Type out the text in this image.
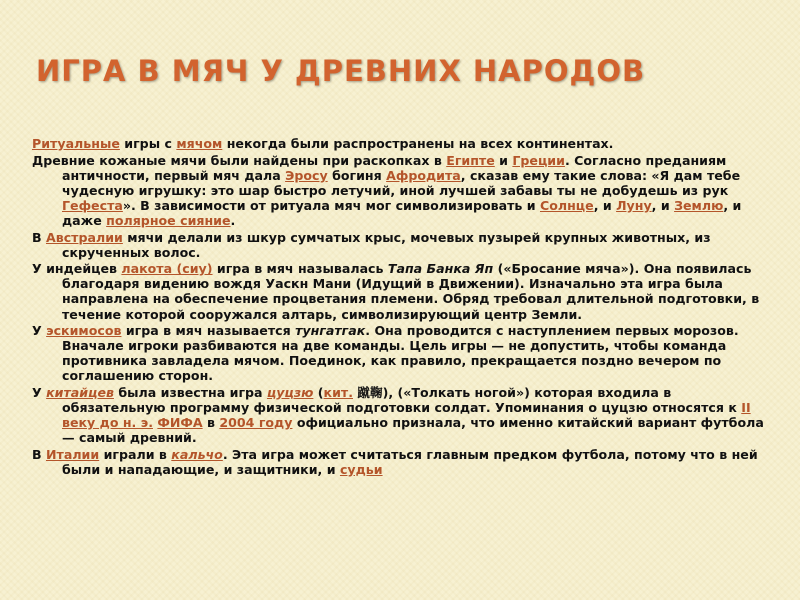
ИГРА В МЯЧ У ДРЕВНИХ НАРОДОВ

Ритуальные игры с мячом некогда были распространены на всех континентах.

Древние кожаные мячи были найдены при раскопках в Египте и Греции. Согласно преданиям античности, первый мяч дала Эросу богиня Афродита, сказав ему такие слова: «Я дам тебе чудесную игрушку: это шар быстро летучий, иной лучшей забавы ты не добудешь из рук Гефеста». В зависимости от ритуала мяч мог символизировать и Солнце, и Луну, и Землю, и даже полярное сияние.

В Австралии мячи делали из шкур сумчатых крыс, мочевых пузырей крупных животных, из скрученных волос.

У индейцев лакота (сиу) игра в мяч называлась Тапа Банка Яп («Бросание мяча»). Она появилась благодаря видению вождя Уаскн Мани (Идущий в Движении). Изначально эта игра была направлена на обеспечение процветания племени. Обряд требовал длительной подготовки, в течение которой сооружался алтарь, символизирующий центр Земли.

У эскимосов игра в мяч называется тунгатгак. Она проводится с наступлением первых морозов. Вначале игроки разбиваются на две команды. Цель игры — не допустить, чтобы команда противника завладела мячом. Поединок, как правило, прекращается поздно вечером по соглашению сторон.

У китайцев была известна игра цуцзю (кит. 蹴鞠), («Толкать ногой») которая входила в обязательную программу физической подготовки солдат. Упоминания о цуцзю относятся к II веку до н. э. ФИФА в 2004 году официально признала, что именно китайский вариант футбола — самый древний.

В Италии играли в кальчо. Эта игра может считаться главным предком футбола, потому что в ней были и нападающие, и защитники, и судьи
